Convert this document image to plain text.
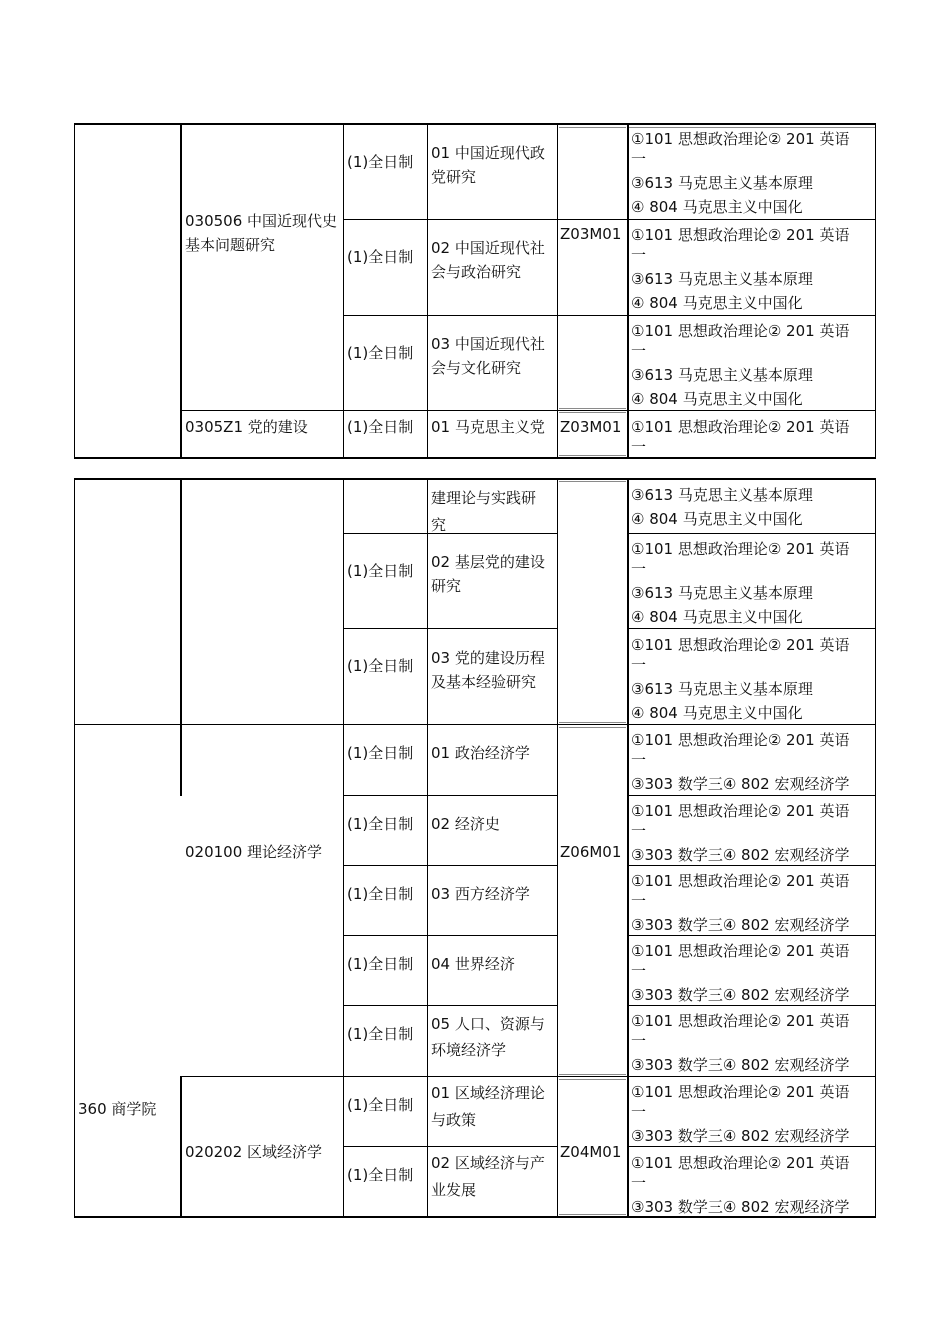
030506 中国近现代史
基本问题研究
0305Z1 党的建设
(1)全日制
(1)全日制
(1)全日制
(1)全日制
01 中国近现代政
党研究
02 中国近现代社
会与政治研究
03 中国近现代社
会与文化研究
01 马克思主义党
Z03M01
Z03M01
①101 思想政治理论② 201 英语
一
③613 马克思主义基本原理
④ 804 马克思主义中国化
①101 思想政治理论② 201 英语
一
③613 马克思主义基本原理
④ 804 马克思主义中国化
①101 思想政治理论② 201 英语
一
③613 马克思主义基本原理
④ 804 马克思主义中国化
①101 思想政治理论② 201 英语
一
建理论与实践研
究
③613 马克思主义基本原理
④ 804 马克思主义中国化
(1)全日制 02 基层党的建设
研究
①101 思想政治理论② 201 英语
一
③613 马克思主义基本原理
④ 804 马克思主义中国化
(1)全日制 03 党的建设历程
及基本经验研究
①101 思想政治理论② 201 英语
一
③613 马克思主义基本原理
④ 804 马克思主义中国化
360 商学院
020100 理论经济学
020202 区域经济学
Z06M01
Z04M01
(1)全日制 01 政治经济学
①101 思想政治理论② 201 英语
一
③303 数学三④ 802 宏观经济学
(1)全日制 02 经济史
①101 思想政治理论② 201 英语
一
③303 数学三④ 802 宏观经济学
(1)全日制 03 西方经济学
①101 思想政治理论② 201 英语
一
③303 数学三④ 802 宏观经济学
(1)全日制 04 世界经济
①101 思想政治理论② 201 英语
一
③303 数学三④ 802 宏观经济学
(1)全日制
05 人口、资源与
环境经济学
①101 思想政治理论② 201 英语
一
③303 数学三④ 802 宏观经济学
(1)全日制
01 区域经济理论
与政策
①101 思想政治理论② 201 英语
一
③303 数学三④ 802 宏观经济学
(1)全日制
02 区域经济与产
业发展
①101 思想政治理论② 201 英语
一
③303 数学三④ 802 宏观经济学
